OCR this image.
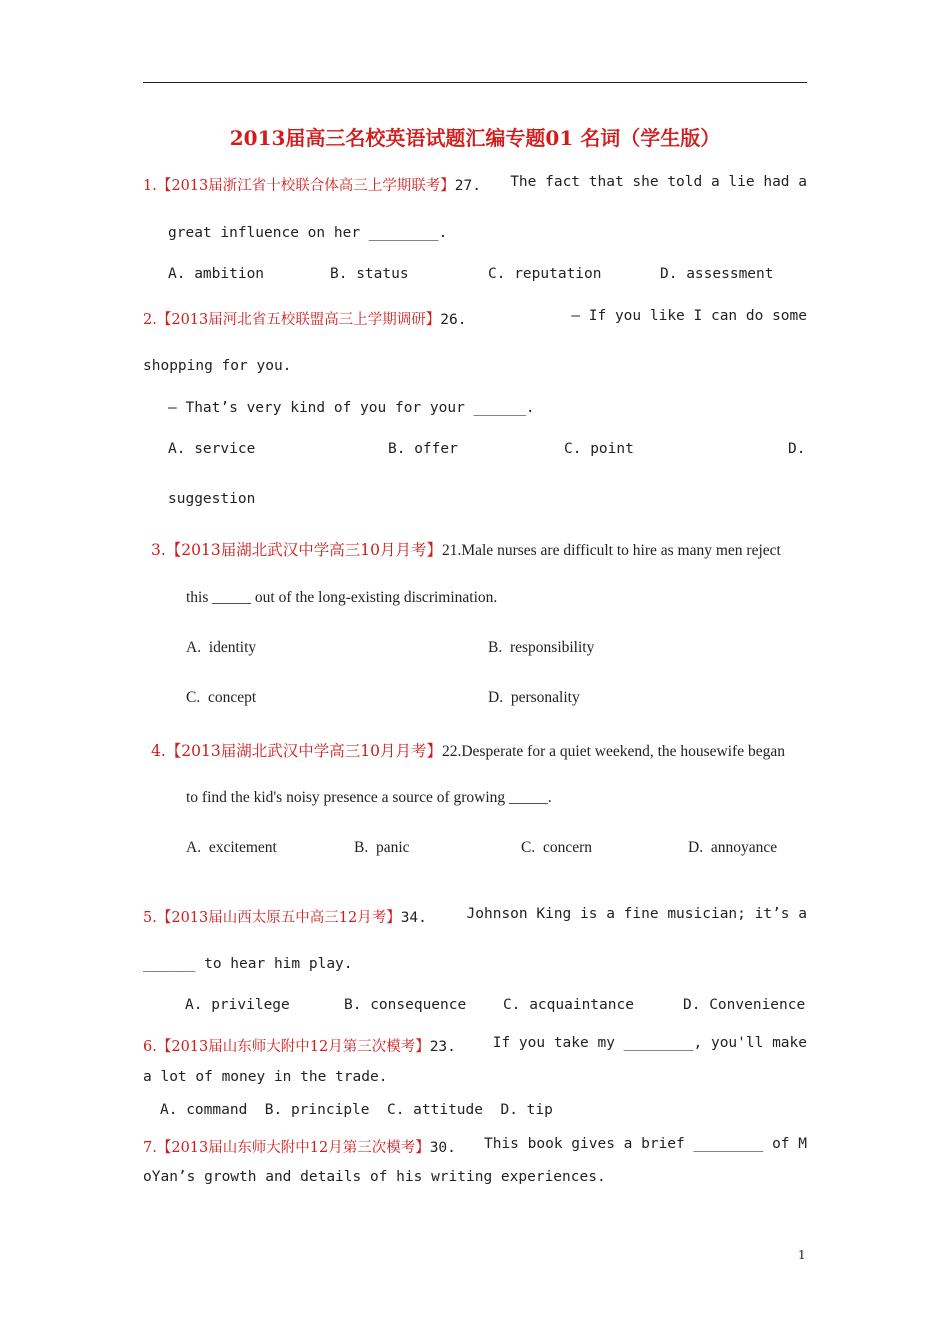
2013届高三名校英语试题汇编专题01 名词（学生版）
1.【2013届浙江省十校联合体高三上学期联考】27. The fact that she told a lie had a
great influence on her ________.
A. ambition	B. status	C. reputation	D. assessment
2.【2013届河北省五校联盟高三上学期调研】26.	— If you like I can do some
shopping for you.
— That’s very kind of you for your ______.
A. service	B. offer	C. point	D.
suggestion
3.【2013届湖北武汉中学高三10月月考】21.Male nurses are difficult to hire as many men reject
this _____ out of the long-existing discrimination.
A.  identity	B.  responsibility
C.  concept	D.  personality
4.【2013届湖北武汉中学高三10月月考】22.Desperate for a quiet weekend, the housewife began
to find the kid's noisy presence a source of growing _____.
A.  excitement	B.  panic	C.  concern	D.  annoyance
5.【2013届山西太原五中高三12月考】34.	Johnson King is a fine musician; it’s a
______ to hear him play.
A. privilege	B. consequence	C. acquaintance	D. Convenience
6.【2013届山东师大附中12月第三次模考】23.	If you take my ________, you'll make
a lot of money in the trade.
A. command  B. principle  C. attitude  D. tip
7.【2013届山东师大附中12月第三次模考】30. This book gives a brief ________ of M
oYan’s growth and details of his writing experiences.
1
